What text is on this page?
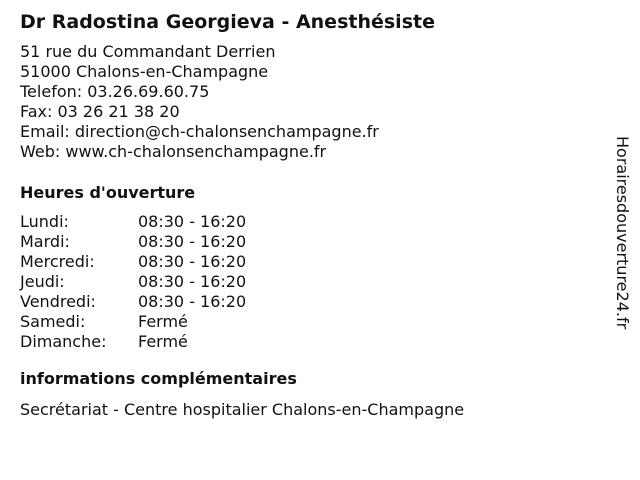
Dr Radostina Georgieva - Anesthésiste
51 rue du Commandant Derrien
51000 Chalons-en-Champagne
Telefon: 03.26.69.60.75
Fax: 03 26 21 38 20
Email: direction@ch-chalonsenchampagne.fr
Web: www.ch-chalonsenchampagne.fr
Heures d'ouverture
Lundi:	08:30 - 16:20
Mardi:	08:30 - 16:20
Mercredi:	08:30 - 16:20
Jeudi:	08:30 - 16:20
Vendredi:	08:30 - 16:20
Samedi:	Fermé
Dimanche:	Fermé
informations complémentaires
Secrétariat - Centre hospitalier Chalons-en-Champagne
Horairesdouverture24.fr
